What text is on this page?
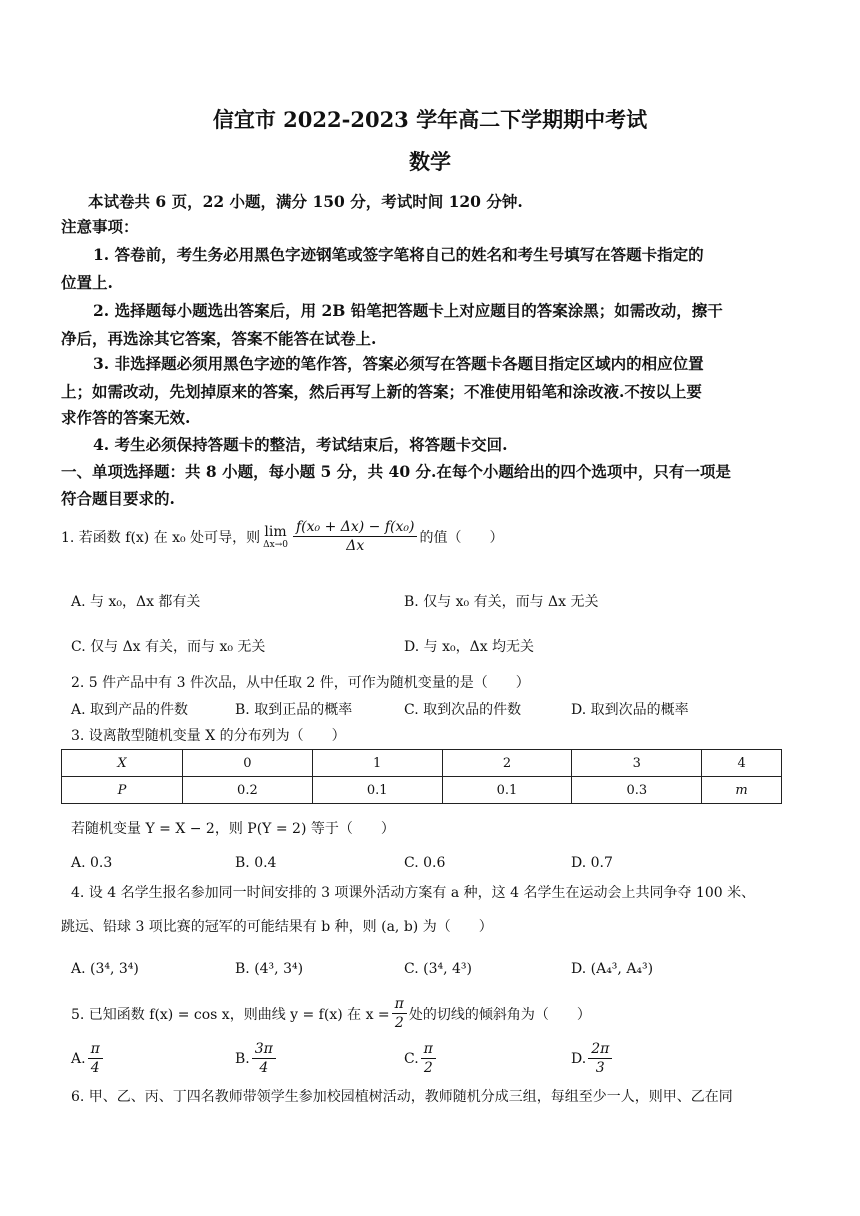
信宜市 2022-2023 学年高二下学期期中考试
数学
本试卷共 6 页，22 小题，满分 150 分，考试时间 120 分钟.
注意事项：
1. 答卷前，考生务必用黑色字迹钢笔或签字笔将自己的姓名和考生号填写在答题卡指定的
位置上.
2. 选择题每小题选出答案后，用 2B 铅笔把答题卡上对应题目的答案涂黑；如需改动，擦干
净后，再选涂其它答案，答案不能答在试卷上.
3. 非选择题必须用黑色字迹的笔作答，答案必须写在答题卡各题目指定区域内的相应位置
上；如需改动，先划掉原来的答案，然后再写上新的答案；不准使用铅笔和涂改液.不按以上要
求作答的答案无效.
4. 考生必须保持答题卡的整洁，考试结束后，将答题卡交回.
一、单项选择题：共 8 小题，每小题 5 分，共 40 分.在每个小题给出的四个选项中，只有一项是
符合题目要求的.
1. 若函数 f(x) 在 x₀ 处可导，则 lim
$\Delta x\to 0 \frac{\text{f(x₀ + Δx) − f(x₀)}}{\Delta x}$ 的值（　　）
A. 与 x₀，Δx 都有关	B. 仅与 x₀ 有关，而与 Δx 无关
C. 仅与 Δx 有关，而与 x₀ 无关	D. 与 x₀，Δx 均无关
2. 5 件产品中有 3 件次品，从中任取 2 件，可作为随机变量的是（　　）
A. 取到产品的件数	B. 取到正品的概率	C. 取到次品的件数	D. 取到次品的概率
3. 设离散型随机变量 X 的分布列为（　　）
X	0	1	2	3	4
P	0.2	0.1	0.1	0.3	m
若随机变量 Y = X − 2，则 P(Y = 2) 等于（　　）
A. 0.3	B. 0.4	C. 0.6	D. 0.7
4. 设 4 名学生报名参加同一时间安排的 3 项课外活动方案有 a 种，这 4 名学生在运动会上共同争夺 100 米、
跳远、铅球 3 项比赛的冠军的可能结果有 b 种，则 (a, b) 为（　　）
A. (3⁴, 3⁴)	B. (4³, 3⁴)	C. (3⁴, 4³)	D. (A₄³, A₄³)
5. 已知函数 f(x) = cos x，则曲线 y = f(x) 在 $x = \frac{\pi}{2}$ 处的切线的倾斜角为（　　）
A. $\frac{\pi}{4}$	B. $\frac{3\pi}{4}$	C. $\frac{\pi}{2}$	D. $\frac{2\pi}{3}$
6. 甲、乙、丙、丁四名教师带领学生参加校园植树活动，教师随机分成三组，每组至少一人，则甲、乙在同
